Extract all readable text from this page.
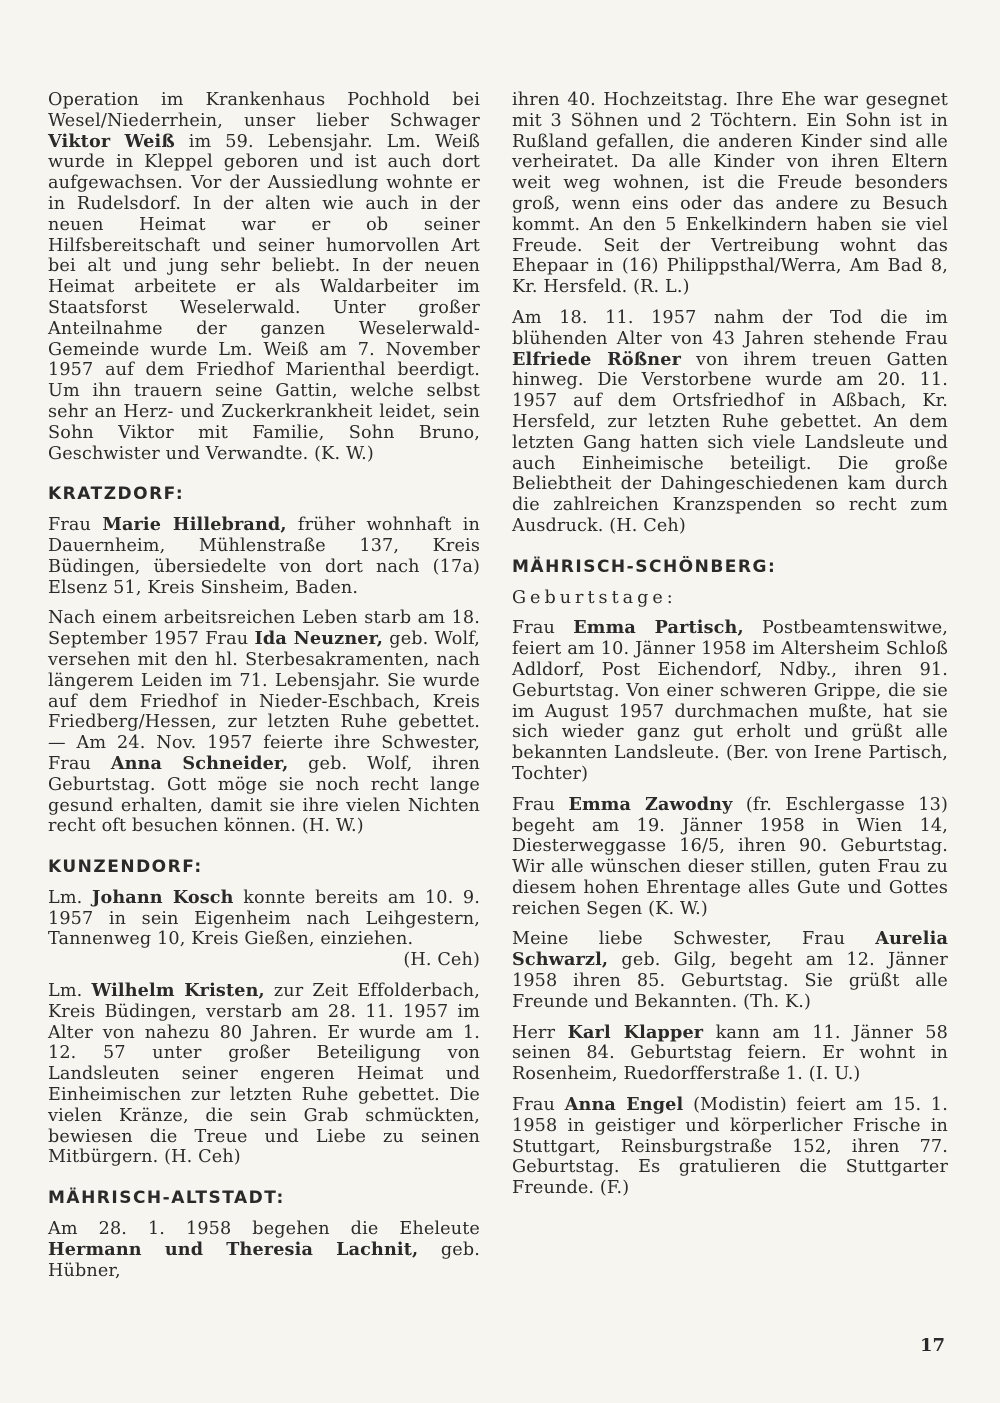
Operation im Krankenhaus Pochhold bei Wesel/Niederrhein, unser lieber Schwager Viktor Weiß im 59. Lebensjahr. Lm. Weiß wurde in Kleppel geboren und ist auch dort aufgewachsen. Vor der Aussiedlung wohnte er in Rudelsdorf. In der alten wie auch in der neuen Heimat war er ob seiner Hilfsbereitschaft und seiner humorvollen Art bei alt und jung sehr beliebt. In der neuen Heimat arbeitete er als Waldarbeiter im Staatsforst Weselerwald. Unter großer Anteilnahme der ganzen Weselerwald-Gemeinde wurde Lm. Weiß am 7. November 1957 auf dem Friedhof Marienthal beerdigt. Um ihn trauern seine Gattin, welche selbst sehr an Herz- und Zuckerkrankheit leidet, sein Sohn Viktor mit Familie, Sohn Bruno, Geschwister und Verwandte. (K. W.)

KRATZDORF:

Frau Marie Hillebrand, früher wohnhaft in Dauernheim, Mühlenstraße 137, Kreis Büdingen, übersiedelte von dort nach (17a) Elsenz 51, Kreis Sinsheim, Baden.

Nach einem arbeitsreichen Leben starb am 18. September 1957 Frau Ida Neuzner, geb. Wolf, versehen mit den hl. Sterbesakramenten, nach längerem Leiden im 71. Lebensjahr. Sie wurde auf dem Friedhof in Nieder-Eschbach, Kreis Friedberg/Hessen, zur letzten Ruhe gebettet. — Am 24. Nov. 1957 feierte ihre Schwester, Frau Anna Schneider, geb. Wolf, ihren Geburtstag. Gott möge sie noch recht lange gesund erhalten, damit sie ihre vielen Nichten recht oft besuchen können. (H. W.)

KUNZENDORF:

Lm. Johann Kosch konnte bereits am 10. 9. 1957 in sein Eigenheim nach Leihgestern, Tannenweg 10, Kreis Gießen, einziehen.

(H. Ceh)

Lm. Wilhelm Kristen, zur Zeit Effolderbach, Kreis Büdingen, verstarb am 28. 11. 1957 im Alter von nahezu 80 Jahren. Er wurde am 1. 12. 57 unter großer Beteiligung von Landsleuten seiner engeren Heimat und Einheimischen zur letzten Ruhe gebettet. Die vielen Kränze, die sein Grab schmückten, bewiesen die Treue und Liebe zu seinen Mitbürgern. (H. Ceh)

MÄHRISCH-ALTSTADT:

Am 28. 1. 1958 begehen die Eheleute Hermann und Theresia Lachnit, geb. Hübner,

ihren 40. Hochzeitstag. Ihre Ehe war gesegnet mit 3 Söhnen und 2 Töchtern. Ein Sohn ist in Rußland gefallen, die anderen Kinder sind alle verheiratet. Da alle Kinder von ihren Eltern weit weg wohnen, ist die Freude besonders groß, wenn eins oder das andere zu Besuch kommt. An den 5 Enkelkindern haben sie viel Freude. Seit der Vertreibung wohnt das Ehepaar in (16) Philippsthal/Werra, Am Bad 8, Kr. Hersfeld. (R. L.)

Am 18. 11. 1957 nahm der Tod die im blühenden Alter von 43 Jahren stehende Frau Elfriede Rößner von ihrem treuen Gatten hinweg. Die Verstorbene wurde am 20. 11. 1957 auf dem Ortsfriedhof in Aßbach, Kr. Hersfeld, zur letzten Ruhe gebettet. An dem letzten Gang hatten sich viele Landsleute und auch Einheimische beteiligt. Die große Beliebtheit der Dahingeschiedenen kam durch die zahlreichen Kranzspenden so recht zum Ausdruck. (H. Ceh)

MÄHRISCH-SCHÖNBERG:
Geburtstage:

Frau Emma Partisch, Postbeamtenswitwe, feiert am 10. Jänner 1958 im Altersheim Schloß Adldorf, Post Eichendorf, Ndby., ihren 91. Geburtstag. Von einer schweren Grippe, die sie im August 1957 durchmachen mußte, hat sie sich wieder ganz gut erholt und grüßt alle bekannten Landsleute. (Ber. von Irene Partisch, Tochter)

Frau Emma Zawodny (fr. Eschlergasse 13) begeht am 19. Jänner 1958 in Wien 14, Diesterweggasse 16/5, ihren 90. Geburtstag. Wir alle wünschen dieser stillen, guten Frau zu diesem hohen Ehrentage alles Gute und Gottes reichen Segen (K. W.)

Meine liebe Schwester, Frau Aurelia Schwarzl, geb. Gilg, begeht am 12. Jänner 1958 ihren 85. Geburtstag. Sie grüßt alle Freunde und Bekannten. (Th. K.)

Herr Karl Klapper kann am 11. Jänner 58 seinen 84. Geburtstag feiern. Er wohnt in Rosenheim, Ruedorfferstraße 1. (I. U.)

Frau Anna Engel (Modistin) feiert am 15. 1. 1958 in geistiger und körperlicher Frische in Stuttgart, Reinsburgstraße 152, ihren 77. Geburtstag. Es gratulieren die Stuttgarter Freunde. (F.)

17
